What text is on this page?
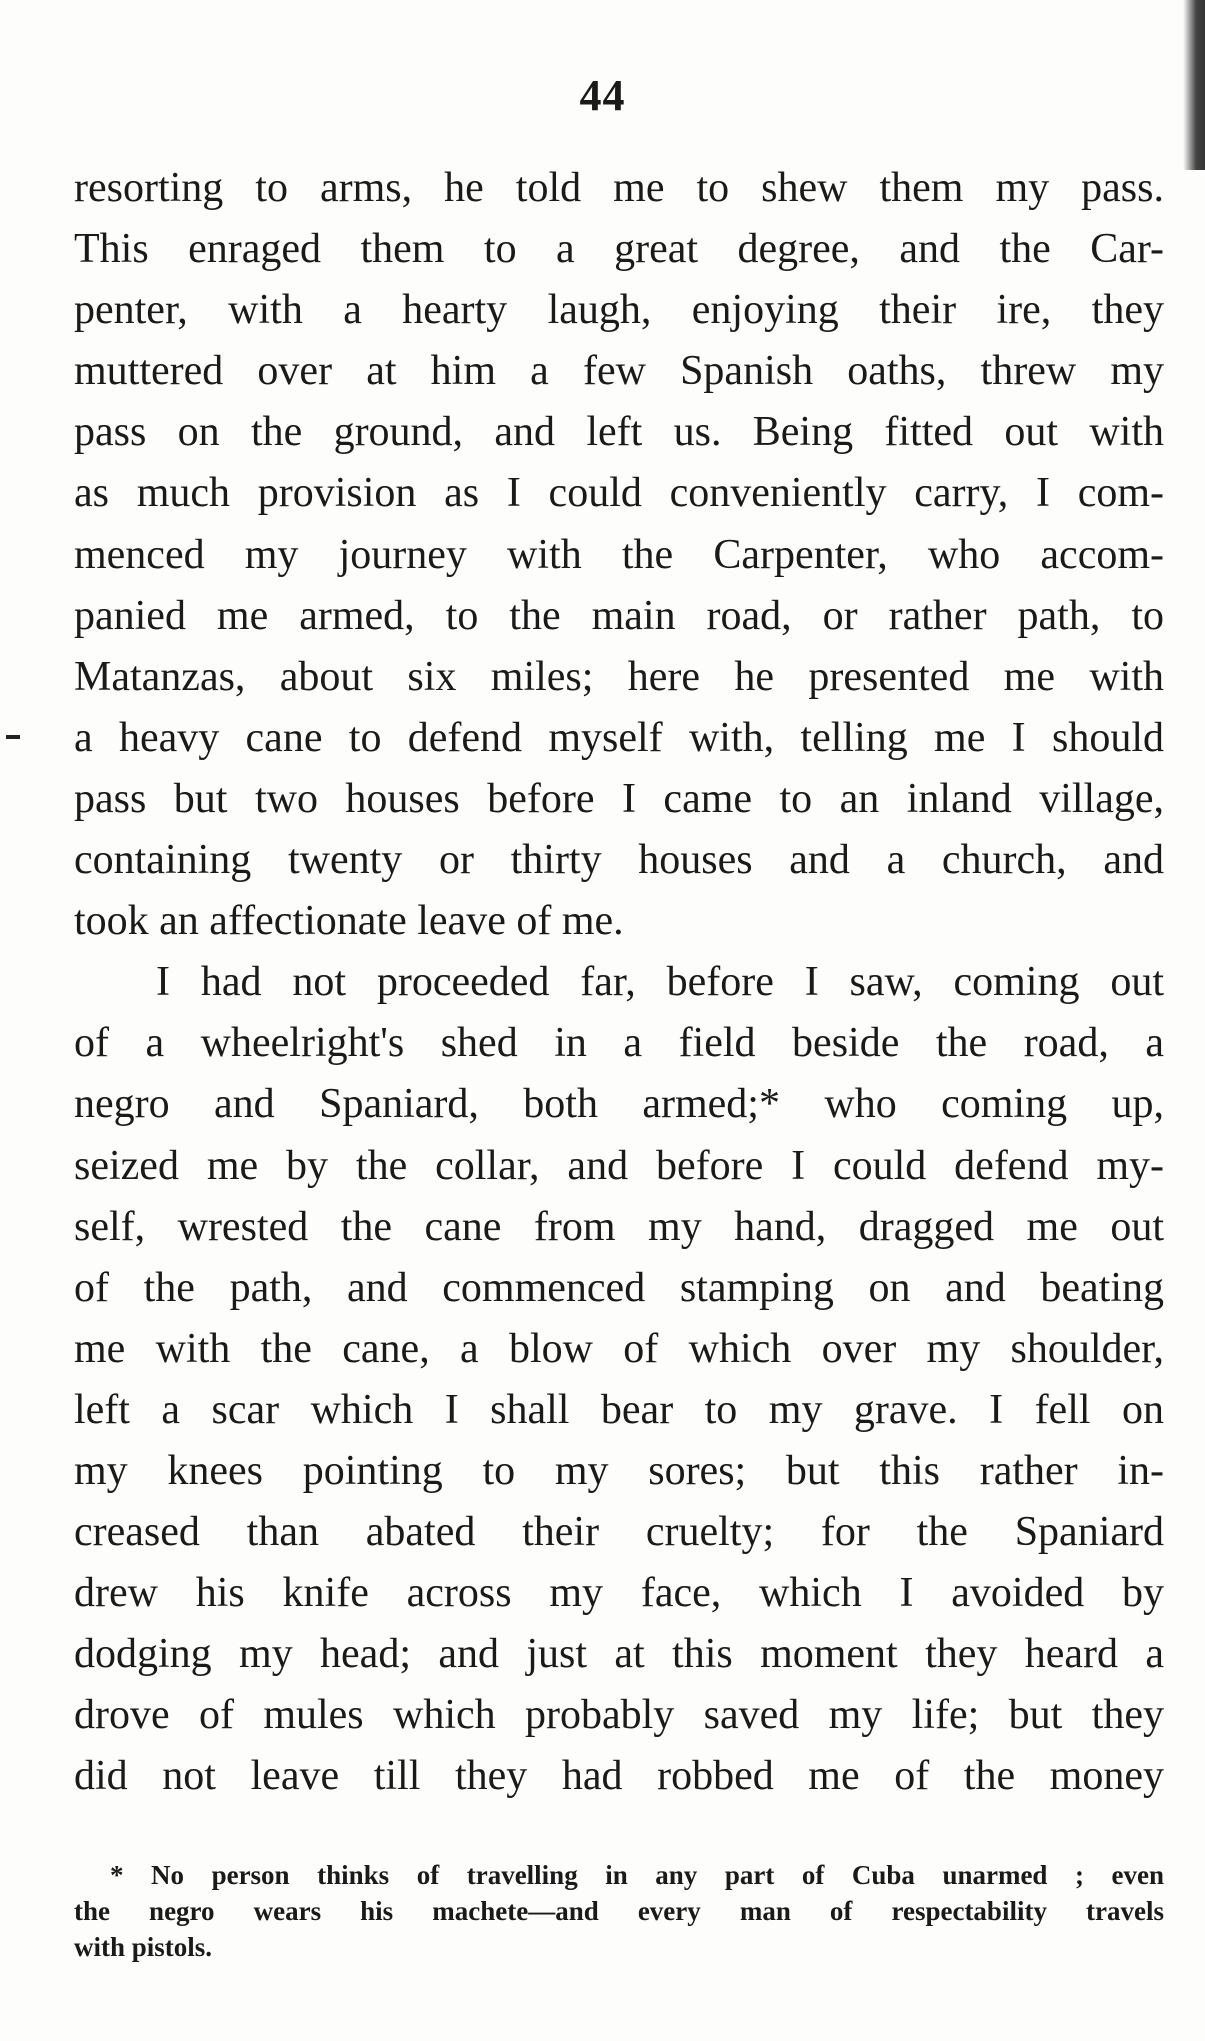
44
resorting to arms, he told me to shew them my pass.
This enraged them to a great degree, and the Car-
penter, with a hearty laugh, enjoying their ire, they
muttered over at him a few Spanish oaths, threw my
pass on the ground, and left us. Being fitted out with
as much provision as I could conveniently carry, I com-
menced my journey with the Carpenter, who accom-
panied me armed, to the main road, or rather path, to
Matanzas, about six miles; here he presented me with
a heavy cane to defend myself with, telling me I should
pass but two houses before I came to an inland village,
containing twenty or thirty houses and a church, and
took an affectionate leave of me.
I had not proceeded far, before I saw, coming out
of a wheelright's shed in a field beside the road, a
negro and Spaniard, both armed;* who coming up,
seized me by the collar, and before I could defend my-
self, wrested the cane from my hand, dragged me out
of the path, and commenced stamping on and beating
me with the cane, a blow of which over my shoulder,
left a scar which I shall bear to my grave. I fell on
my knees pointing to my sores; but this rather in-
creased than abated their cruelty; for the Spaniard
drew his knife across my face, which I avoided by
dodging my head; and just at this moment they heard a
drove of mules which probably saved my life; but they
did not leave till they had robbed me of the money
* No person thinks of travelling in any part of Cuba unarmed ; even
the negro wears his machete—and every man of respectability travels
with pistols.
